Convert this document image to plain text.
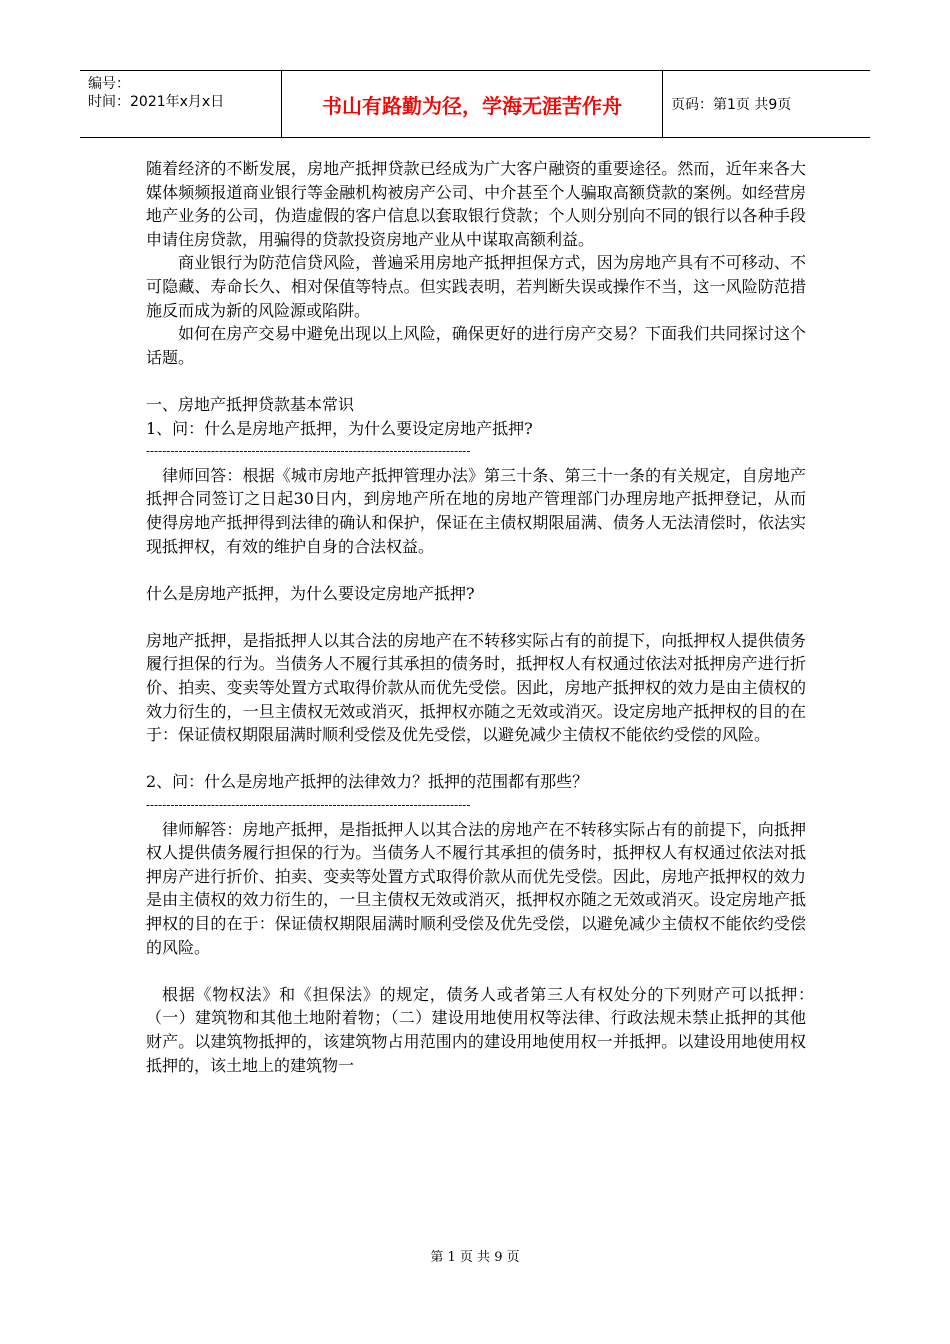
编号：
时间：2021年x月x日	书山有路勤为径，学海无涯苦作舟	页码：第1页 共9页

随着经济的不断发展，房地产抵押贷款已经成为广大客户融资的重要途径。然而，近年来各大媒体频频报道商业银行等金融机构被房产公司、中介甚至个人骗取高额贷款的案例。如经营房地产业务的公司，伪造虚假的客户信息以套取银行贷款；个人则分别向不同的银行以各种手段申请住房贷款，用骗得的贷款投资房地产业从中谋取高额利益。

商业银行为防范信贷风险，普遍采用房地产抵押担保方式，因为房地产具有不可移动、不可隐藏、寿命长久、相对保值等特点。但实践表明，若判断失误或操作不当，这一风险防范措施反而成为新的风险源或陷阱。

如何在房产交易中避免出现以上风险，确保更好的进行房产交易？下面我们共同探讨这个话题。

一、房地产抵押贷款基本常识

1、问：什么是房地产抵押，为什么要设定房地产抵押?

--------------------------------------------------------------------------------

律师回答：根据《城市房地产抵押管理办法》第三十条、第三十一条的有关规定，自房地产抵押合同签订之日起30日内，到房地产所在地的房地产管理部门办理房地产抵押登记，从而使得房地产抵押得到法律的确认和保护，保证在主债权期限届满、债务人无法清偿时，依法实现抵押权，有效的维护自身的合法权益。

什么是房地产抵押，为什么要设定房地产抵押?

房地产抵押，是指抵押人以其合法的房地产在不转移实际占有的前提下，向抵押权人提供债务履行担保的行为。当债务人不履行其承担的债务时，抵押权人有权通过依法对抵押房产进行折价、拍卖、变卖等处置方式取得价款从而优先受偿。因此，房地产抵押权的效力是由主债权的效力衍生的，一旦主债权无效或消灭，抵押权亦随之无效或消灭。设定房地产抵押权的目的在于：保证债权期限届满时顺利受偿及优先受偿，以避免减少主债权不能依约受偿的风险。

2、问：什么是房地产抵押的法律效力？抵押的范围都有那些？

--------------------------------------------------------------------------------

律师解答：房地产抵押，是指抵押人以其合法的房地产在不转移实际占有的前提下，向抵押权人提供债务履行担保的行为。当债务人不履行其承担的债务时，抵押权人有权通过依法对抵押房产进行折价、拍卖、变卖等处置方式取得价款从而优先受偿。因此，房地产抵押权的效力是由主债权的效力衍生的，一旦主债权无效或消灭，抵押权亦随之无效或消灭。设定房地产抵押权的目的在于：保证债权期限届满时顺利受偿及优先受偿，以避免减少主债权不能依约受偿的风险。

根据《物权法》和《担保法》的规定，债务人或者第三人有权处分的下列财产可以抵押：　（一）建筑物和其他土地附着物；（二）建设用地使用权等法律、行政法规未禁止抵押的其他财产。以建筑物抵押的，该建筑物占用范围内的建设用地使用权一并抵押。以建设用地使用权抵押的，该土地上的建筑物一

第 1 页 共 9 页
